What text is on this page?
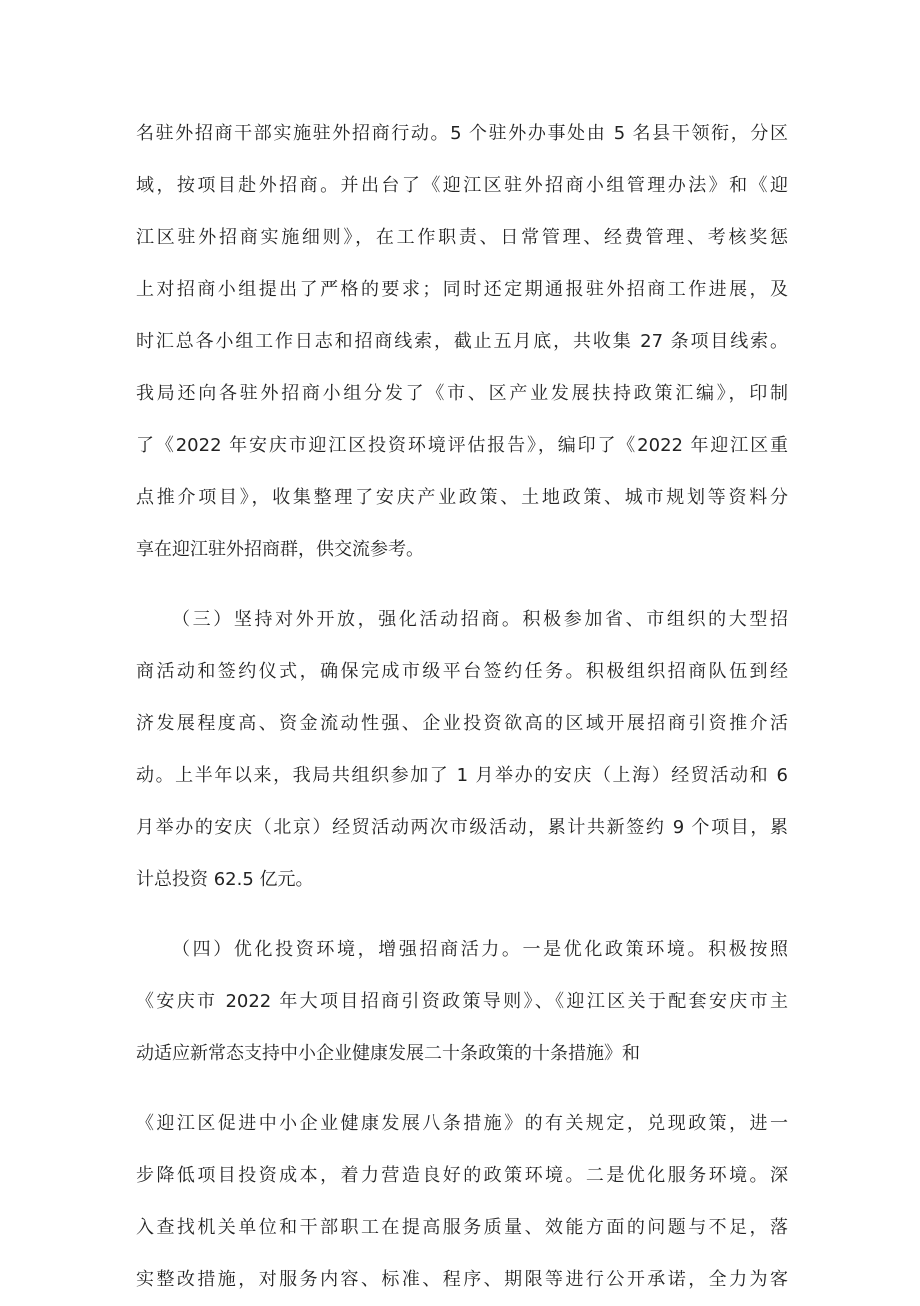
名驻外招商干部实施驻外招商行动。5 个驻外办事处由 5 名县干领衔，分区
域，按项目赴外招商。并出台了《迎江区驻外招商小组管理办法》和《迎
江区驻外招商实施细则》，在工作职责、日常管理、经费管理、考核奖惩
上对招商小组提出了严格的要求；同时还定期通报驻外招商工作进展，及
时汇总各小组工作日志和招商线索，截止五月底，共收集 27 条项目线索。
我局还向各驻外招商小组分发了《市、区产业发展扶持政策汇编》，印制
了《2022 年安庆市迎江区投资环境评估报告》，编印了《2022 年迎江区重
点推介项目》，收集整理了安庆产业政策、土地政策、城市规划等资料分
享在迎江驻外招商群，供交流参考。
（三）坚持对外开放，强化活动招商。积极参加省、市组织的大型招
商活动和签约仪式，确保完成市级平台签约任务。积极组织招商队伍到经
济发展程度高、资金流动性强、企业投资欲高的区域开展招商引资推介活
动。上半年以来，我局共组织参加了 1 月举办的安庆（上海）经贸活动和 6
月举办的安庆（北京）经贸活动两次市级活动，累计共新签约 9 个项目，累
计总投资 62.5 亿元。
（四）优化投资环境，增强招商活力。一是优化政策环境。积极按照
《安庆市 2022 年大项目招商引资政策导则》、《迎江区关于配套安庆市主
动适应新常态支持中小企业健康发展二十条政策的十条措施》和
《迎江区促进中小企业健康发展八条措施》的有关规定，兑现政策，进一
步降低项目投资成本，着力营造良好的政策环境。二是优化服务环境。深
入查找机关单位和干部职工在提高服务质量、效能方面的问题与不足，落
实整改措施，对服务内容、标准、程序、期限等进行公开承诺，全力为客
